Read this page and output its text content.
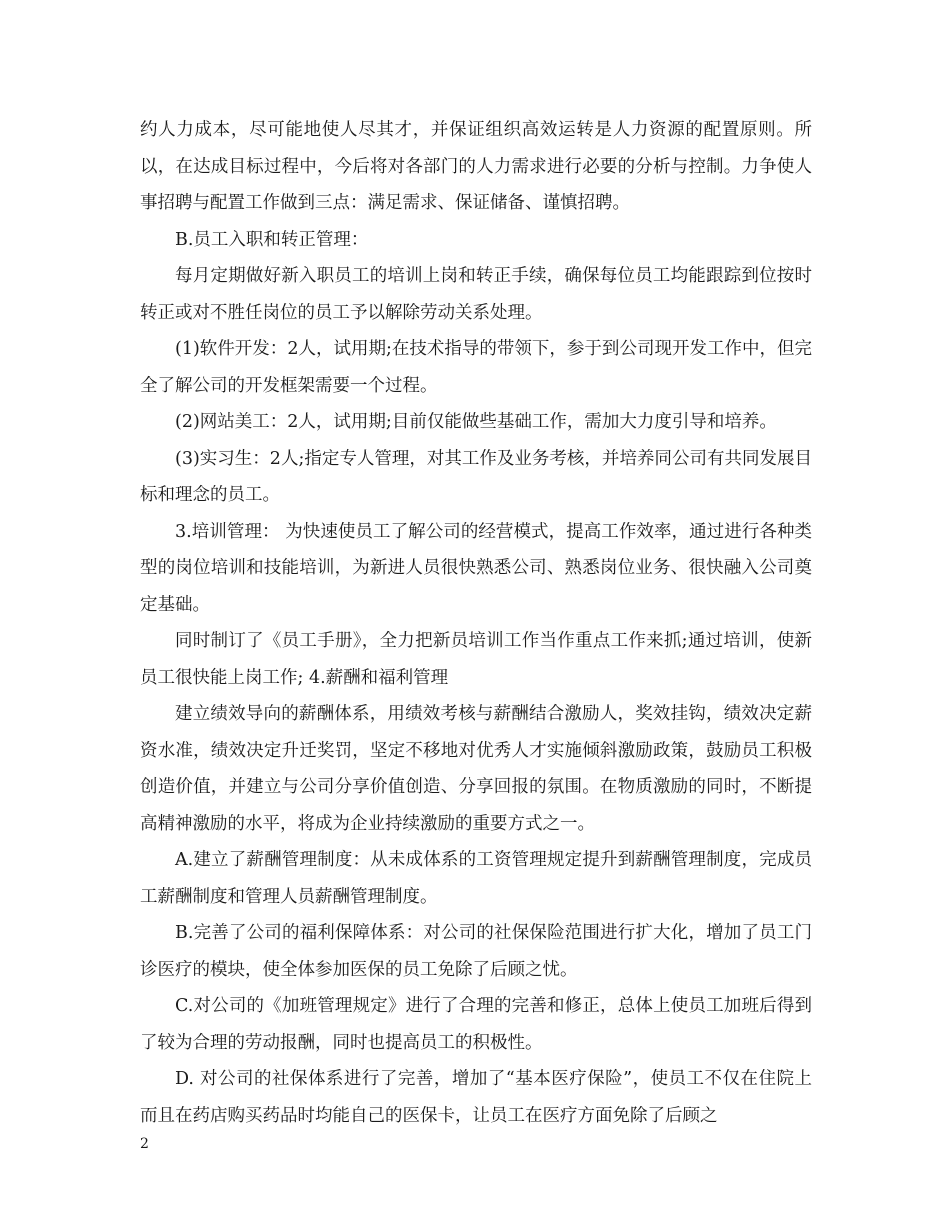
约人力成本，尽可能地使人尽其才，并保证组织高效运转是人力资源的配置原则。所以，在达成目标过程中，今后将对各部门的人力需求进行必要的分析与控制。力争使人事招聘与配置工作做到三点：满足需求、保证储备、谨慎招聘。

B.员工入职和转正管理：

每月定期做好新入职员工的培训上岗和转正手续，确保每位员工均能跟踪到位按时转正或对不胜任岗位的员工予以解除劳动关系处理。

(1)软件开发：2人，试用期;在技术指导的带领下，参于到公司现开发工作中，但完全了解公司的开发框架需要一个过程。

(2)网站美工：2人，试用期;目前仅能做些基础工作，需加大力度引导和培养。

(3)实习生：2人;指定专人管理，对其工作及业务考核，并培养同公司有共同发展目标和理念的员工。

3.培训管理： 为快速使员工了解公司的经营模式，提高工作效率，通过进行各种类型的岗位培训和技能培训，为新进人员很快熟悉公司、熟悉岗位业务、很快融入公司奠定基础。

同时制订了《员工手册》，全力把新员培训工作当作重点工作来抓;通过培训，使新员工很快能上岗工作; 4.薪酬和福利管理

建立绩效导向的薪酬体系，用绩效考核与薪酬结合激励人，奖效挂钩，绩效决定薪资水准，绩效决定升迁奖罚，坚定不移地对优秀人才实施倾斜激励政策，鼓励员工积极创造价值，并建立与公司分享价值创造、分享回报的氛围。在物质激励的同时，不断提高精神激励的水平，将成为企业持续激励的重要方式之一。

A.建立了薪酬管理制度：从未成体系的工资管理规定提升到薪酬管理制度，完成员工薪酬制度和管理人员薪酬管理制度。

B.完善了公司的福利保障体系：对公司的社保保险范围进行扩大化，增加了员工门诊医疗的模块，使全体参加医保的员工免除了后顾之忧。

C.对公司的《加班管理规定》进行了合理的完善和修正，总体上使员工加班后得到了较为合理的劳动报酬，同时也提高员工的积极性。

D. 对公司的社保体系进行了完善，增加了“基本医疗保险”，使员工不仅在住院上而且在药店购买药品时均能自己的医保卡，让员工在医疗方面免除了后顾之

2
